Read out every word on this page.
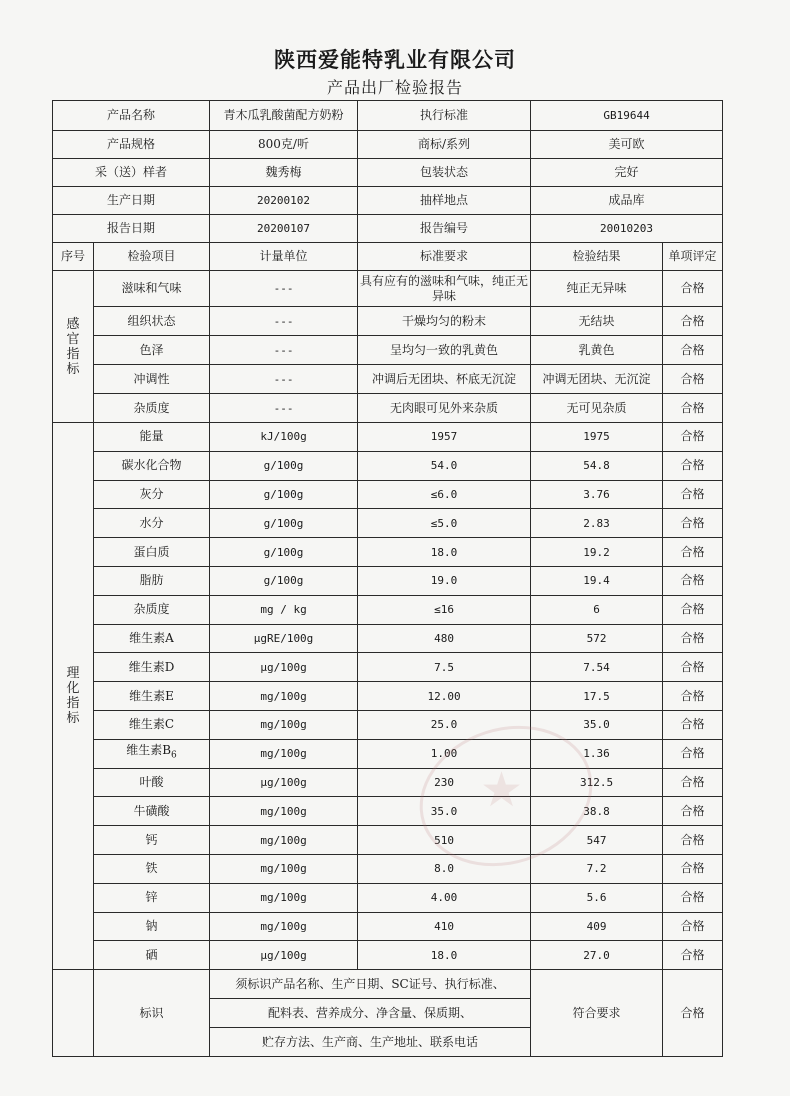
陕西爱能特乳业有限公司
产品出厂检验报告
产品名称		青木瓜乳酸菌配方奶粉	执行标准	GB19644	
产品规格		800克/听	商标/系列	美可欧	
采（送）样者		魏秀梅	包装状态	完好	
生产日期		20200102	抽样地点	成品库	
报告日期		20200107	报告编号	20010203	
序号	检验项目	计量单位	标准要求	检验结果	单项评定

感
官
指
标	滋味和气味	---	具有应有的滋味和气味，纯正无异味	纯正无异味	合格
	组织状态	---	干燥均匀的粉末	无结块	合格
	色泽	---	呈均匀一致的乳黄色	乳黄色	合格
	冲调性	---	冲调后无团块、杯底无沉淀	冲调无团块、无沉淀	合格
	杂质度	---	无肉眼可见外来杂质	无可见杂质	合格

理
化
指
标	能量	kJ/100g	1957	1975	合格
	碳水化合物	g/100g	54.0	54.8	合格
	灰分	g/100g	≤6.0	3.76	合格
	水分	g/100g	≤5.0	2.83	合格
	蛋白质	g/100g	18.0	19.2	合格
	脂肪	g/100g	19.0	19.4	合格
	杂质度	mg / kg	≤16	6	合格
	维生素A	μgRE/100g	480	572	合格
	维生素D	μg/100g	7.5	7.54	合格
	维生素E	mg/100g	12.00	17.5	合格
	维生素C	mg/100g	25.0	35.0	合格
	维生素$B_6$	mg/100g	1.00	1.36	合格
	叶酸	μg/100g	230	312.5	合格
	牛磺酸	mg/100g	35.0	38.8	合格
	钙	mg/100g	510	547	合格
	铁	mg/100g	8.0	7.2	合格
	锌	mg/100g	4.00	5.6	合格
	钠	mg/100g	410	409	合格
	硒	μg/100g	18.0	27.0	合格
	标识	须标识产品名称、生产日期、SC证号、执行标准、
配料表、营养成分、净含量、保质期、
贮存方法、生产商、生产地址、联系电话		符合要求	合格
★
